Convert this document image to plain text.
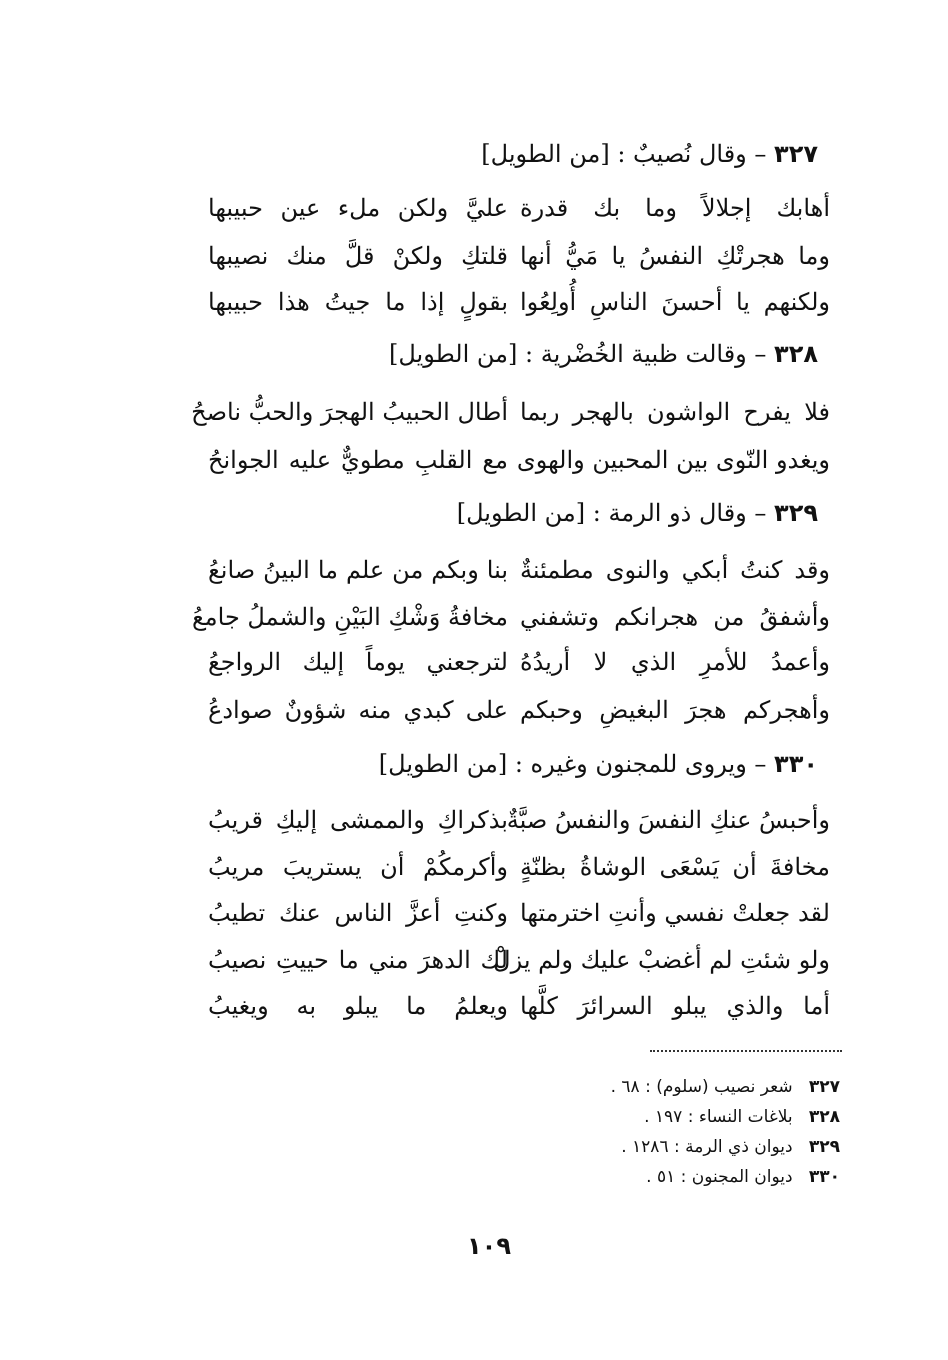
٣٢٧ – وقال نُصيبٌ : [من الطويل]
أهابك إجلالاً وما بك قدرة
عليَّ ولكن ملء عين حبيبها
وما هجرتْكِ النفسُ يا مَيُّ أنها
قلتكِ ولكنْ قلَّ منك نصيبها
ولكنهم يا أحسنَ الناسِ أُولِعُوا
بقولٍ إذا ما جيتُ هذا حبيبها
٣٢٨ – وقالت ظبية الخُضْرية : [من الطويل]
فلا يفرح الواشون بالهجر ربما
أطال الحبيبُ الهجرَ والحبُّ ناصحُ
ويغدو النّوى بين المحبين والهوى
مع القلبِ مطويٌّ عليه الجوانحُ
٣٢٩ – وقال ذو الرمة : [من الطويل]
وقد كنتُ أبكي والنوى مطمئنةٌ
بنا وبكم من علم ما البينُ صانعُ
وأشفقُ من هجرانكم وتشفني
مخافةُ وَشْكِ البَيْنِ والشملُ جامعُ
وأعمدُ للأمرِ الذي لا أريدُهُ
لترجعني يوماً إليك الرواجعُ
وأهجركم هجرَ البغيضِ وحبكم
على كبدي منه شؤونٌ صوادعُ
٣٣٠ – ويروى للمجنون وغيره : [من الطويل]
وأحبسُ عنكِ النفسَ والنفسُ صبَّةٌ
بذكراكِ والممشى إليكِ قريبُ
مخافةَ أن يَسْعَى الوشاةُ بظنّةٍ
وأكرمكُمْ أن يستريبَ مريبُ
لقد جعلتْ نفسي وأنتِ اخترمتها
وكنتِ أعزَّ الناس عنك تطيبُ
ولو شئتِ لم أغضبْ عليك ولم يزلْ
لك الدهرَ مني ما حييتِ نصيبُ
أما والذي يبلو السرائرَ كلَّها
ويعلمُ ما يبلو به ويغيبُ
٣٢٧ شعر نصيب (سلوم) : ٦٨ .
٣٢٨ بلاغات النساء : ١٩٧ .
٣٢٩ ديوان ذي الرمة : ١٢٨٦ .
٣٣٠ ديوان المجنون : ٥١ .
١٠٩
